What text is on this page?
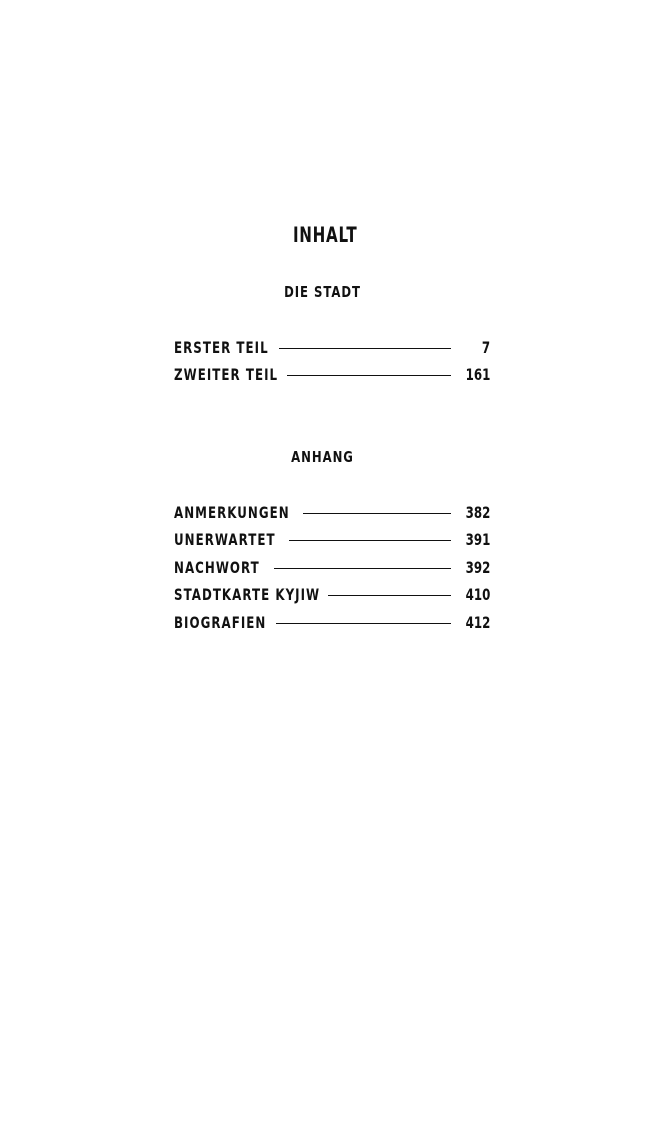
INHALT
DIE STADT
ERSTER TEIL	7
ZWEITER TEIL	161
ANHANG
ANMERKUNGEN	382
UNERWARTET	391
NACHWORT	392
STADTKARTE KYJIW	410
BIOGRAFIEN	412
